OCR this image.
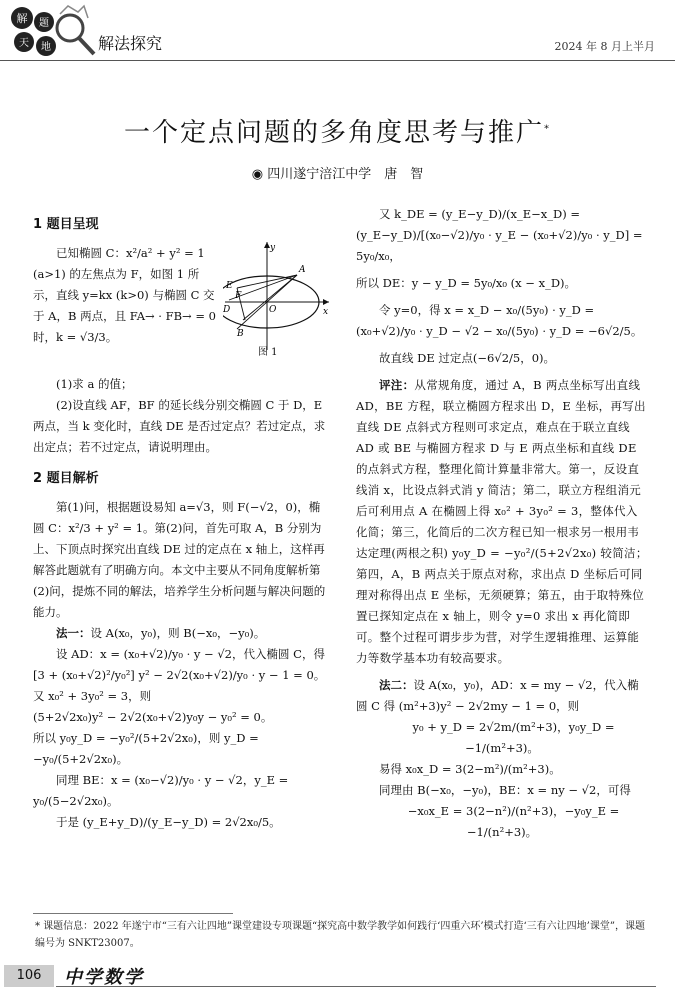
解 题
天 地	解法探究	2024 年 8 月上半月
一个定点问题的多角度思考与推广*
◉ 四川遂宁涪江中学　唐　智
1 题目呈现

已知椭圆 C：x²/a² + y² = 1 (a>1) 的左焦点为 F，如图 1 所示，直线 y=kx (k>0) 与椭圆 C 交于 A，B 两点，且 FA→ · FB→ = 0 时，k = √3/3。

(1)求 a 的值；

(2)设直线 AF，BF 的延长线分别交椭圆 C 于 D，E 两点，当 k 变化时，直线 DE 是否过定点？若过定点，求出定点；若不过定点，请说明理由。

2 题目解析

第(1)问，根据题设易知 a=√3，则 F(−√2，0)，椭圆 C：x²/3 + y² = 1。第(2)问，首先可取 A，B 分别为上、下顶点时探究出直线 DE 过的定点在 x 轴上，这样再解答此题就有了明确方向。本文中主要从不同角度解析第(2)问，提炼不同的解法，培养学生分析问题与解决问题的能力。

法一：设 A(x₀，y₀)，则 B(−x₀，−y₀)。

设 AD：x = (x₀+√2)/y₀ · y − √2，代入椭圆 C，得

[3 + (x₀+√2)²/y₀²] y² − 2√2(x₀+√2)/y₀ · y − 1 = 0。

又 x₀² + 3y₀² = 3，则

(5+2√2x₀)y² − 2√2(x₀+√2)y₀y − y₀² = 0。

所以 y₀y_D = −y₀²/(5+2√2x₀)，则 y_D = −y₀/(5+2√2x₀)。

同理 BE：x = (x₀−√2)/y₀ · y − √2，y_E = y₀/(5−2√2x₀)。

于是 (y_E+y_D)/(y_E−y_D) = 2√2x₀/5。

y
x
A
B
D
E
F
O
图 1

又 k_DE = (y_E−y_D)/(x_E−x_D) = (y_E−y_D)/[(x₀−√2)/y₀ · y_E − (x₀+√2)/y₀ · y_D] = 5y₀/x₀，

所以 DE：y − y_D = 5y₀/x₀ (x − x_D)。

令 y=0，得 x = x_D − x₀/(5y₀) · y_D = (x₀+√2)/y₀ · y_D − √2 − x₀/(5y₀) · y_D = −6√2/5。

故直线 DE 过定点(−6√2/5，0)。

评注：从常规角度，通过 A，B 两点坐标写出直线 AD，BE 方程，联立椭圆方程求出 D，E 坐标，再写出直线 DE 点斜式方程则可求定点，难点在于联立直线 AD 或 BE 与椭圆方程求 D 与 E 两点坐标和直线 DE 的点斜式方程，整理化简计算量非常大。第一，反设直线消 x，比设点斜式消 y 简洁；第二，联立方程组消元后可利用点 A 在椭圆上得 x₀² + 3y₀² = 3，整体代入化简；第三，化简后的二次方程已知一根求另一根用韦达定理(两根之积) y₀y_D = −y₀²/(5+2√2x₀) 较简洁；第四，A，B 两点关于原点对称，求出点 D 坐标后可同理对称得出点 E 坐标，无须硬算；第五，由于取特殊位置已探知定点在 x 轴上，则令 y=0 求出 x 再化简即可。整个过程可谓步步为营，对学生逻辑推理、运算能力等数学基本功有较高要求。

法二：设 A(x₀，y₀)，AD：x = my − √2，代入椭圆 C 得 (m²+3)y² − 2√2my − 1 = 0，则

y₀ + y_D = 2√2m/(m²+3)，y₀y_D = −1/(m²+3)。

易得 x₀x_D = 3(2−m²)/(m²+3)。

同理由 B(−x₀，−y₀)，BE：x = ny − √2，可得

−x₀x_E = 3(2−n²)/(n²+3)，−y₀y_E = −1/(n²+3)。

* 课题信息：2022 年遂宁市“三有六让四地”课堂建设专项课题“探究高中数学教学如何践行‘四重六环’模式打造‘三有六让四地’课堂”，课题编号为 SNKT23007。
106	中学数学
